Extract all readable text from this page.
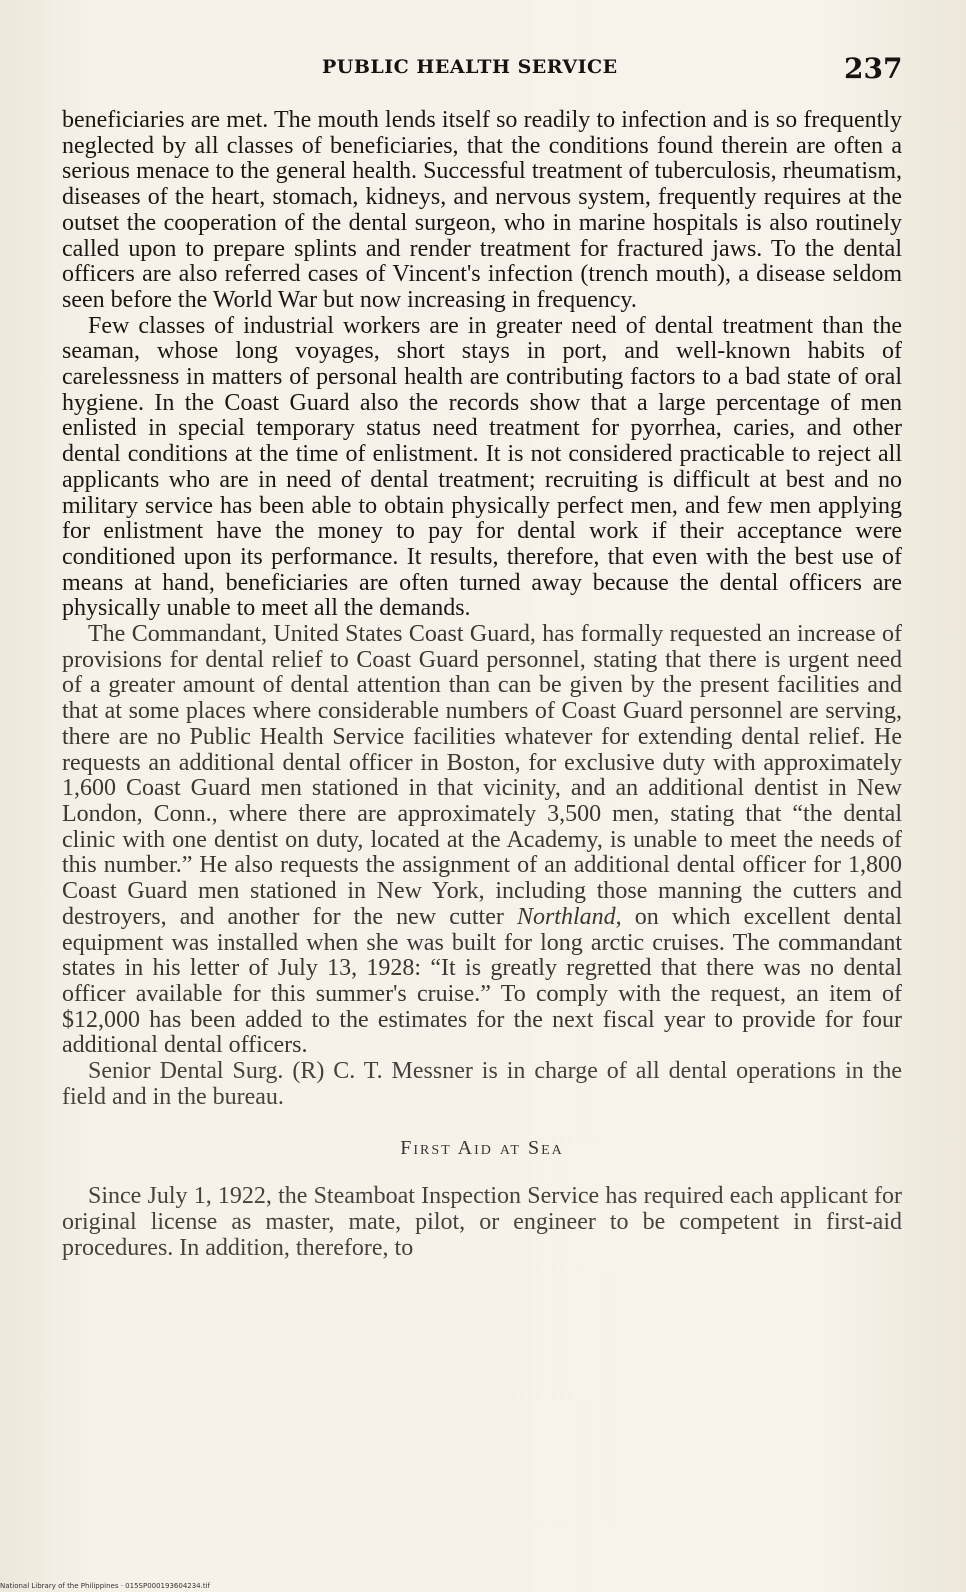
PUBLIC HEALTH SERVICE	237

beneficiaries are met. The mouth lends itself so readily to infection and is so frequently neglected by all classes of beneficiaries, that the conditions found therein are often a serious menace to the general health. Successful treatment of tuberculosis, rheumatism, diseases of the heart, stomach, kidneys, and nervous system, frequently requires at the outset the cooperation of the dental surgeon, who in marine hospitals is also routinely called upon to prepare splints and render treatment for fractured jaws. To the dental officers are also referred cases of Vincent's infection (trench mouth), a disease seldom seen before the World War but now increasing in frequency.

Few classes of industrial workers are in greater need of dental treatment than the seaman, whose long voyages, short stays in port, and well-known habits of carelessness in matters of personal health are contributing factors to a bad state of oral hygiene. In the Coast Guard also the records show that a large percentage of men enlisted in special temporary status need treatment for pyorrhea, caries, and other dental conditions at the time of enlistment. It is not considered practicable to reject all applicants who are in need of dental treatment; recruiting is difficult at best and no military service has been able to obtain physically perfect men, and few men applying for enlistment have the money to pay for dental work if their acceptance were conditioned upon its performance. It results, therefore, that even with the best use of means at hand, beneficiaries are often turned away because the dental officers are physically unable to meet all the demands.

The Commandant, United States Coast Guard, has formally requested an increase of provisions for dental relief to Coast Guard personnel, stating that there is urgent need of a greater amount of dental attention than can be given by the present facilities and that at some places where considerable numbers of Coast Guard personnel are serving, there are no Public Health Service facilities whatever for extending dental relief. He requests an additional dental officer in Boston, for exclusive duty with approximately 1,600 Coast Guard men stationed in that vicinity, and an additional dentist in New London, Conn., where there are approximately 3,500 men, stating that “the dental clinic with one dentist on duty, located at the Academy, is unable to meet the needs of this number.” He also requests the assignment of an additional dental officer for 1,800 Coast Guard men stationed in New York, including those manning the cutters and destroyers, and another for the new cutter Northland, on which excellent dental equipment was installed when she was built for long arctic cruises. The commandant states in his letter of July 13, 1928: “It is greatly regretted that there was no dental officer available for this summer's cruise.” To comply with the request, an item of $12,000 has been added to the estimates for the next fiscal year to provide for four additional dental officers.

Senior Dental Surg. (R) C. T. Messner is in charge of all dental operations in the field and in the bureau.

First Aid at Sea

Since July 1, 1922, the Steamboat Inspection Service has required each applicant for original license as master, mate, pilot, or engineer to be competent in first-aid procedures. In addition, therefore, to

National Library of the Philippines · 015SP000193604234.tif
